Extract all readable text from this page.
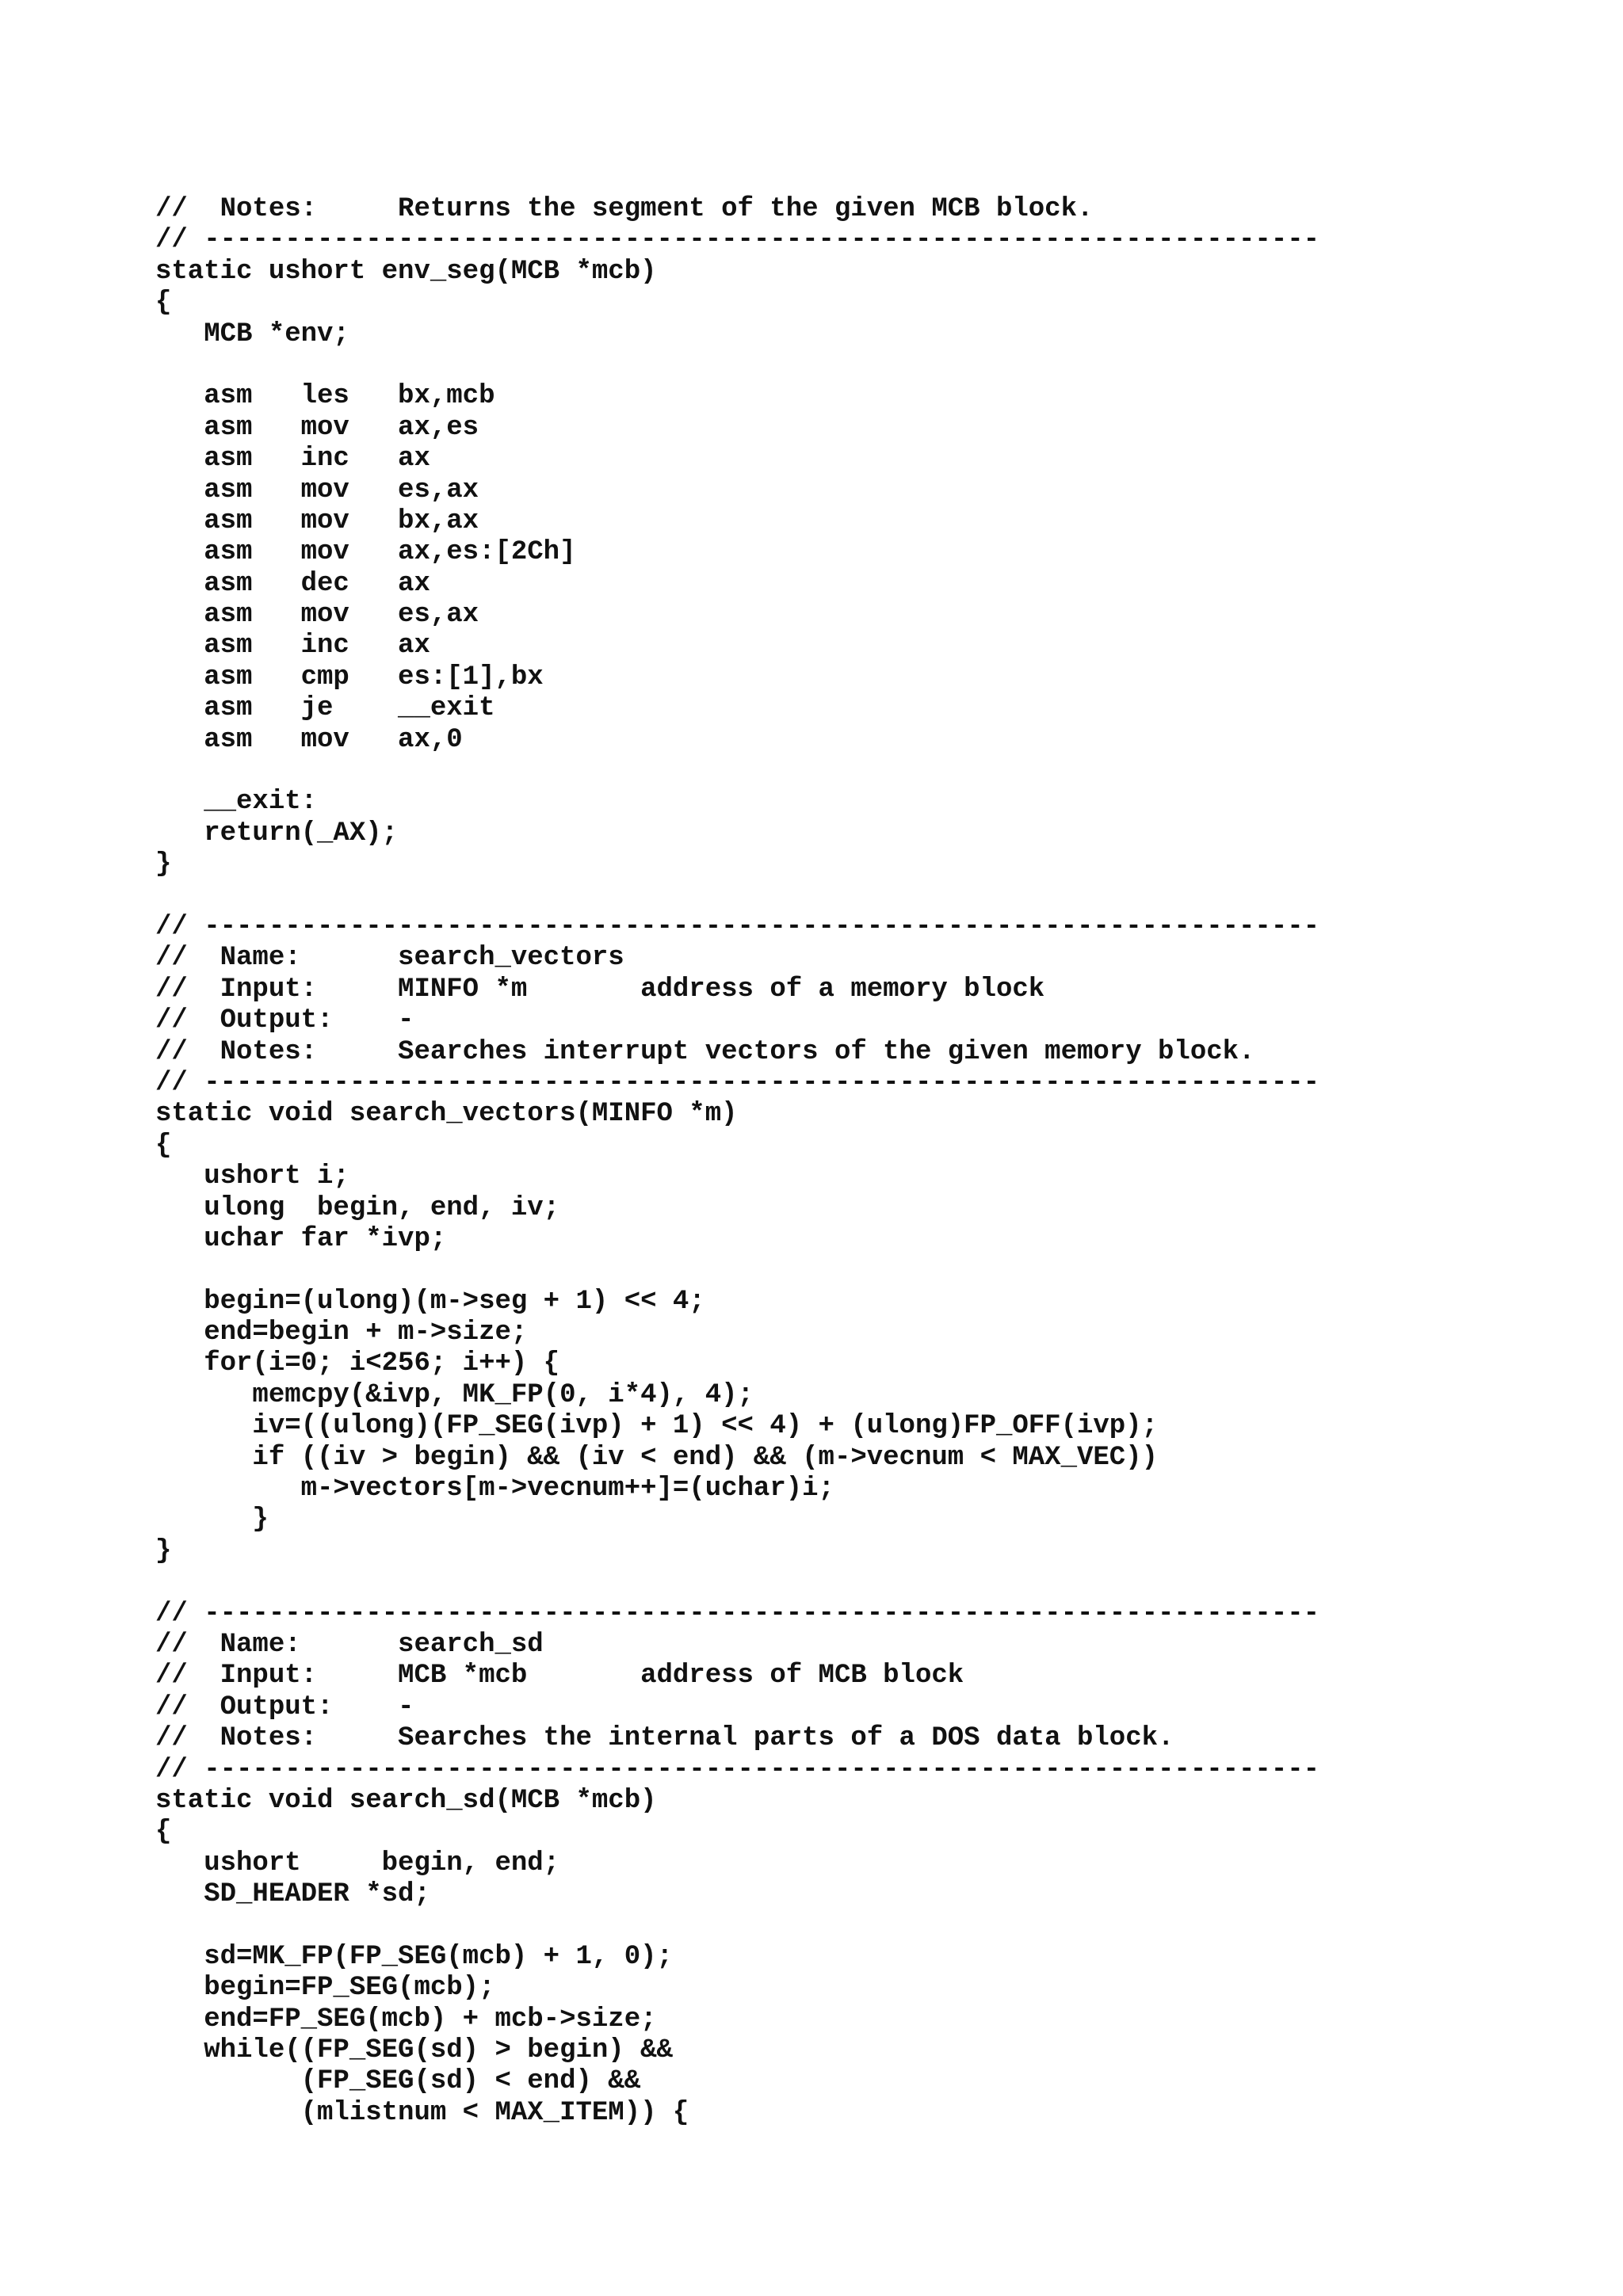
//  Notes:     Returns the segment of the given MCB block.
// ---------------------------------------------------------------------
static ushort env_seg(MCB *mcb)
{
MCB *env;
asm   les   bx,mcb
asm   mov   ax,es
asm   inc   ax
asm   mov   es,ax
asm   mov   bx,ax
asm   mov   ax,es:[2Ch]
asm   dec   ax
asm   mov   es,ax
asm   inc   ax
asm   cmp   es:[1],bx
asm   je    __exit
asm   mov   ax,0
__exit:
return(_AX);
}
// ---------------------------------------------------------------------
//  Name:      search_vectors
//  Input:     MINFO *m       address of a memory block
//  Output:    -
//  Notes:     Searches interrupt vectors of the given memory block.
// ---------------------------------------------------------------------
static void search_vectors(MINFO *m)
{
ushort i;
ulong  begin, end, iv;
uchar far *ivp;
begin=(ulong)(m->seg + 1) << 4;
end=begin + m->size;
for(i=0; i<256; i++) {
memcpy(&ivp, MK_FP(0, i*4), 4);
iv=((ulong)(FP_SEG(ivp) + 1) << 4) + (ulong)FP_OFF(ivp);
if ((iv > begin) && (iv < end) && (m->vecnum < MAX_VEC))
m->vectors[m->vecnum++]=(uchar)i;
}
}
// ---------------------------------------------------------------------
//  Name:      search_sd
//  Input:     MCB *mcb       address of MCB block
//  Output:    -
//  Notes:     Searches the internal parts of a DOS data block.
// ---------------------------------------------------------------------
static void search_sd(MCB *mcb)
{
ushort     begin, end;
SD_HEADER *sd;
sd=MK_FP(FP_SEG(mcb) + 1, 0);
begin=FP_SEG(mcb);
end=FP_SEG(mcb) + mcb->size;
while((FP_SEG(sd) > begin) &&
(FP_SEG(sd) < end) &&
(mlistnum < MAX_ITEM)) {
